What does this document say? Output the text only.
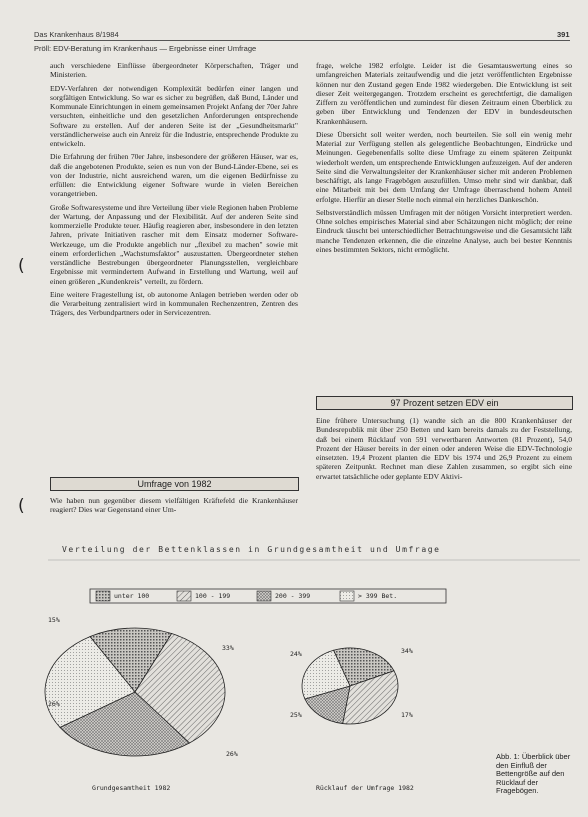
Das Krankenhaus 8/1984	391
Pröll: EDV-Beratung im Krankenhaus — Ergebnisse einer Umfrage

auch verschiedene Einflüsse übergeordneter Körperschaften, Träger und Ministerien.

EDV-Verfahren der notwendigen Komplexität bedürfen einer langen und sorgfältigen Entwicklung. So war es sicher zu begrüßen, daß Bund, Länder und Kommunale Einrichtungen in einem gemeinsamen Projekt Anfang der 70er Jahre versuchten, einheitliche und den gesetzlichen Anforderungen entsprechende Software zu erstellen. Auf der anderen Seite ist der „Gesundheitsmarkt" verständlicherweise auch ein Anreiz für die Industrie, entsprechende Produkte zu entwickeln.

Die Erfahrung der frühen 70er Jahre, insbesondere der größeren Häuser, war es, daß die angebotenen Produkte, seien es nun von der Bund-Länder-Ebene, sei es von der Industrie, nicht ausreichend waren, um die eigenen Bedürfnisse zu erfüllen: die Entwicklung eigener Software wurde in vielen Bereichen vorangetrieben.

Große Softwaresysteme und ihre Verteilung über viele Regionen haben Probleme der Wartung, der Anpassung und der Flexibilität. Auf der anderen Seite sind kommerzielle Produkte teuer. Häufig reagieren aber, insbesondere in den letzten Jahren, private Initiativen rascher mit dem Einsatz moderner Software-Werkzeuge, um die Produkte angeblich nur „flexibel zu machen" sowie mit einem erforderlichen „Wachstumsfaktor" auszustatten. Übergeordneter stehen verständliche Bestrebungen übergeordneter Planungsstellen, vergleichbare Ergebnisse mit vermindertem Aufwand in Erstellung und Wartung, weil auf einen größeren „Kundenkreis" verteilt, zu fördern.

Eine weitere Fragestellung ist, ob autonome Anlagen betrieben werden oder ob die Verarbeitung zentralisiert wird in kommunalen Rechenzentren, Zentren des Trägers, des Verbundpartners oder in Servicezentren.

Umfrage von 1982

Wie haben nun gegenüber diesem vielfältigen Kräftefeld die Krankenhäuser reagiert? Dies war Gegenstand einer Um-

frage, welche 1982 erfolgte. Leider ist die Gesamtauswertung eines so umfangreichen Materials zeitaufwendig und die jetzt veröffentlichten Ergebnisse können nur den Zustand gegen Ende 1982 wiedergeben. Die Entwicklung ist seit dieser Zeit weitergegangen. Trotzdem erscheint es gerechtfertigt, die damaligen Ziffern zu veröffentlichen und zumindest für diesen Zeitraum einen Überblick zu geben über Entwicklung und Tendenzen der EDV in bundesdeutschen Krankenhäusern.

Diese Übersicht soll weiter werden, noch beurteilen. Sie soll ein wenig mehr Material zur Verfügung stellen als gelegentliche Beobachtungen, Eindrücke und Meinungen. Gegebenenfalls sollte diese Umfrage zu einem späteren Zeitpunkt wiederholt werden, um entsprechende Entwicklungen aufzuzeigen. Auf der anderen Seite sind die Verwaltungsleiter der Krankenhäuser sicher mit anderen Problemen beschäftigt, als lange Fragebögen auszufüllen. Umso mehr sind wir dankbar, daß eine Mitarbeit mit bei dem Umfang der Umfrage überraschend hohem Anteil erfolgte. Hierfür an dieser Stelle noch einmal ein herzliches Dankeschön.

Selbstverständlich müssen Umfragen mit der nötigen Vorsicht interpretiert werden. Ohne solches empirisches Material sind aber Schätzungen nicht möglich; der reine Eindruck täuscht bei unterschiedlicher Betrachtungsweise und die Gesamtsicht läßt manche Tendenzen erkennen, die die einzelne Analyse, auch bei bester Kenntnis eines bestimmten Sektors, nicht ermöglicht.

97 Prozent setzen EDV ein

Eine frühere Untersuchung (1) wandte sich an die 800 Krankenhäuser der Bundesrepublik mit über 250 Betten und kam bereits damals zu der Feststellung, daß bei einem Rücklauf von 591 verwertbaren Antworten (81 Prozent), 54,0 Prozent der Häuser bereits in der einen oder anderen Weise die EDV-Technologie einsetzten. 19,4 Prozent planten die EDV bis 1974 und 26,9 Prozent zu einem späteren Zeitpunkt. Rechnet man diese Zahlen zusammen, so ergibt sich eine erwartet tatsächliche oder geplante EDV Aktivi-

(
(
Verteilung der Bettenklassen in Grundgesamtheit und Umfrage
unter 100	100 - 199	200 - 399	> 399 Bet.
15%
33%
26%
26%
24%	34%
17%
25%
Grundgesamtheit 1982	Rücklauf der Umfrage 1982
Abb. 1: Überblick über den Einfluß der Bettengröße auf den Rücklauf der Fragebögen.
